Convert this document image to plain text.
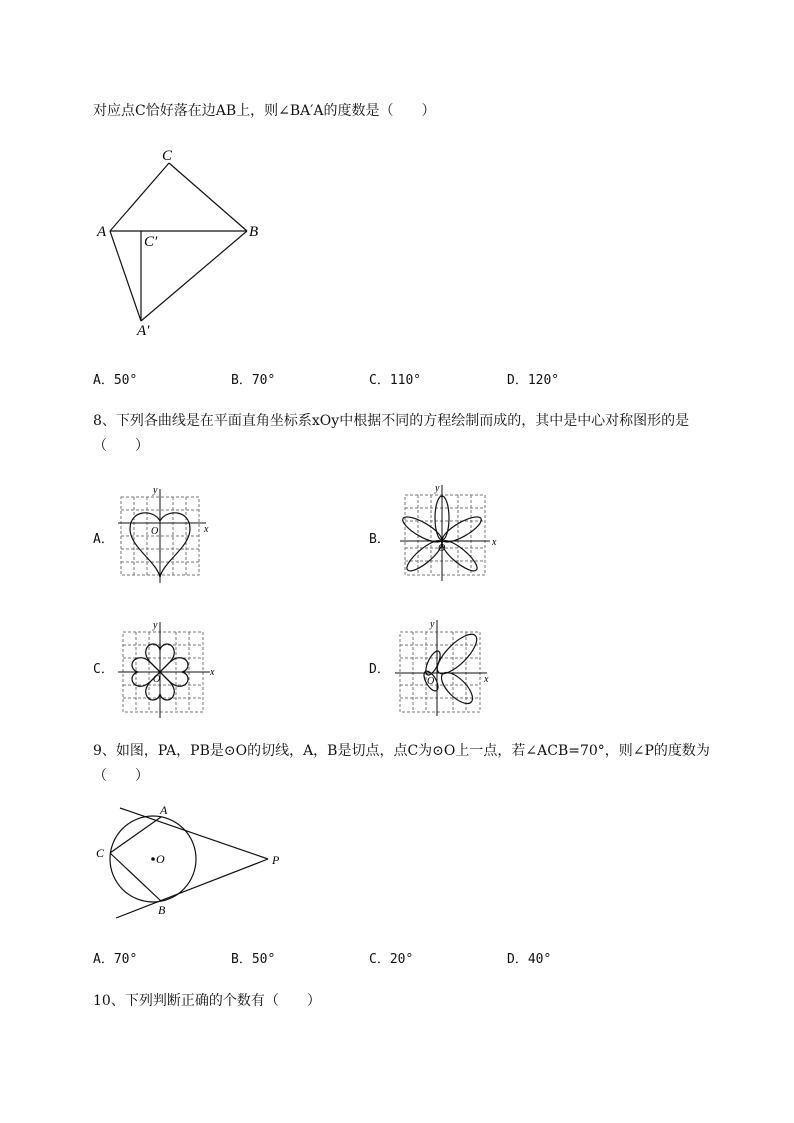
对应点C恰好落在边AB上，则∠BA′A的度数是（　　）
C
A	B
C′
A′
A．50°	B．70°	C．110°	D．120°
8、下列各曲线是在平面直角坐标系xOy中根据不同的方程绘制而成的，其中是中心对称图形的是
（　　）
A．
y
x
O
B．
y
x
O
C．
y
x
O
D．
y
x
O
9、如图，PA，PB是⊙O的切线，A，B是切点，点C为⊙O上一点，若∠ACB=70°，则∠P的度数为
（　　）
A
B
C	O	P
A．70°	B．50°	C．20°	D．40°
10、下列判断正确的个数有（　　）
